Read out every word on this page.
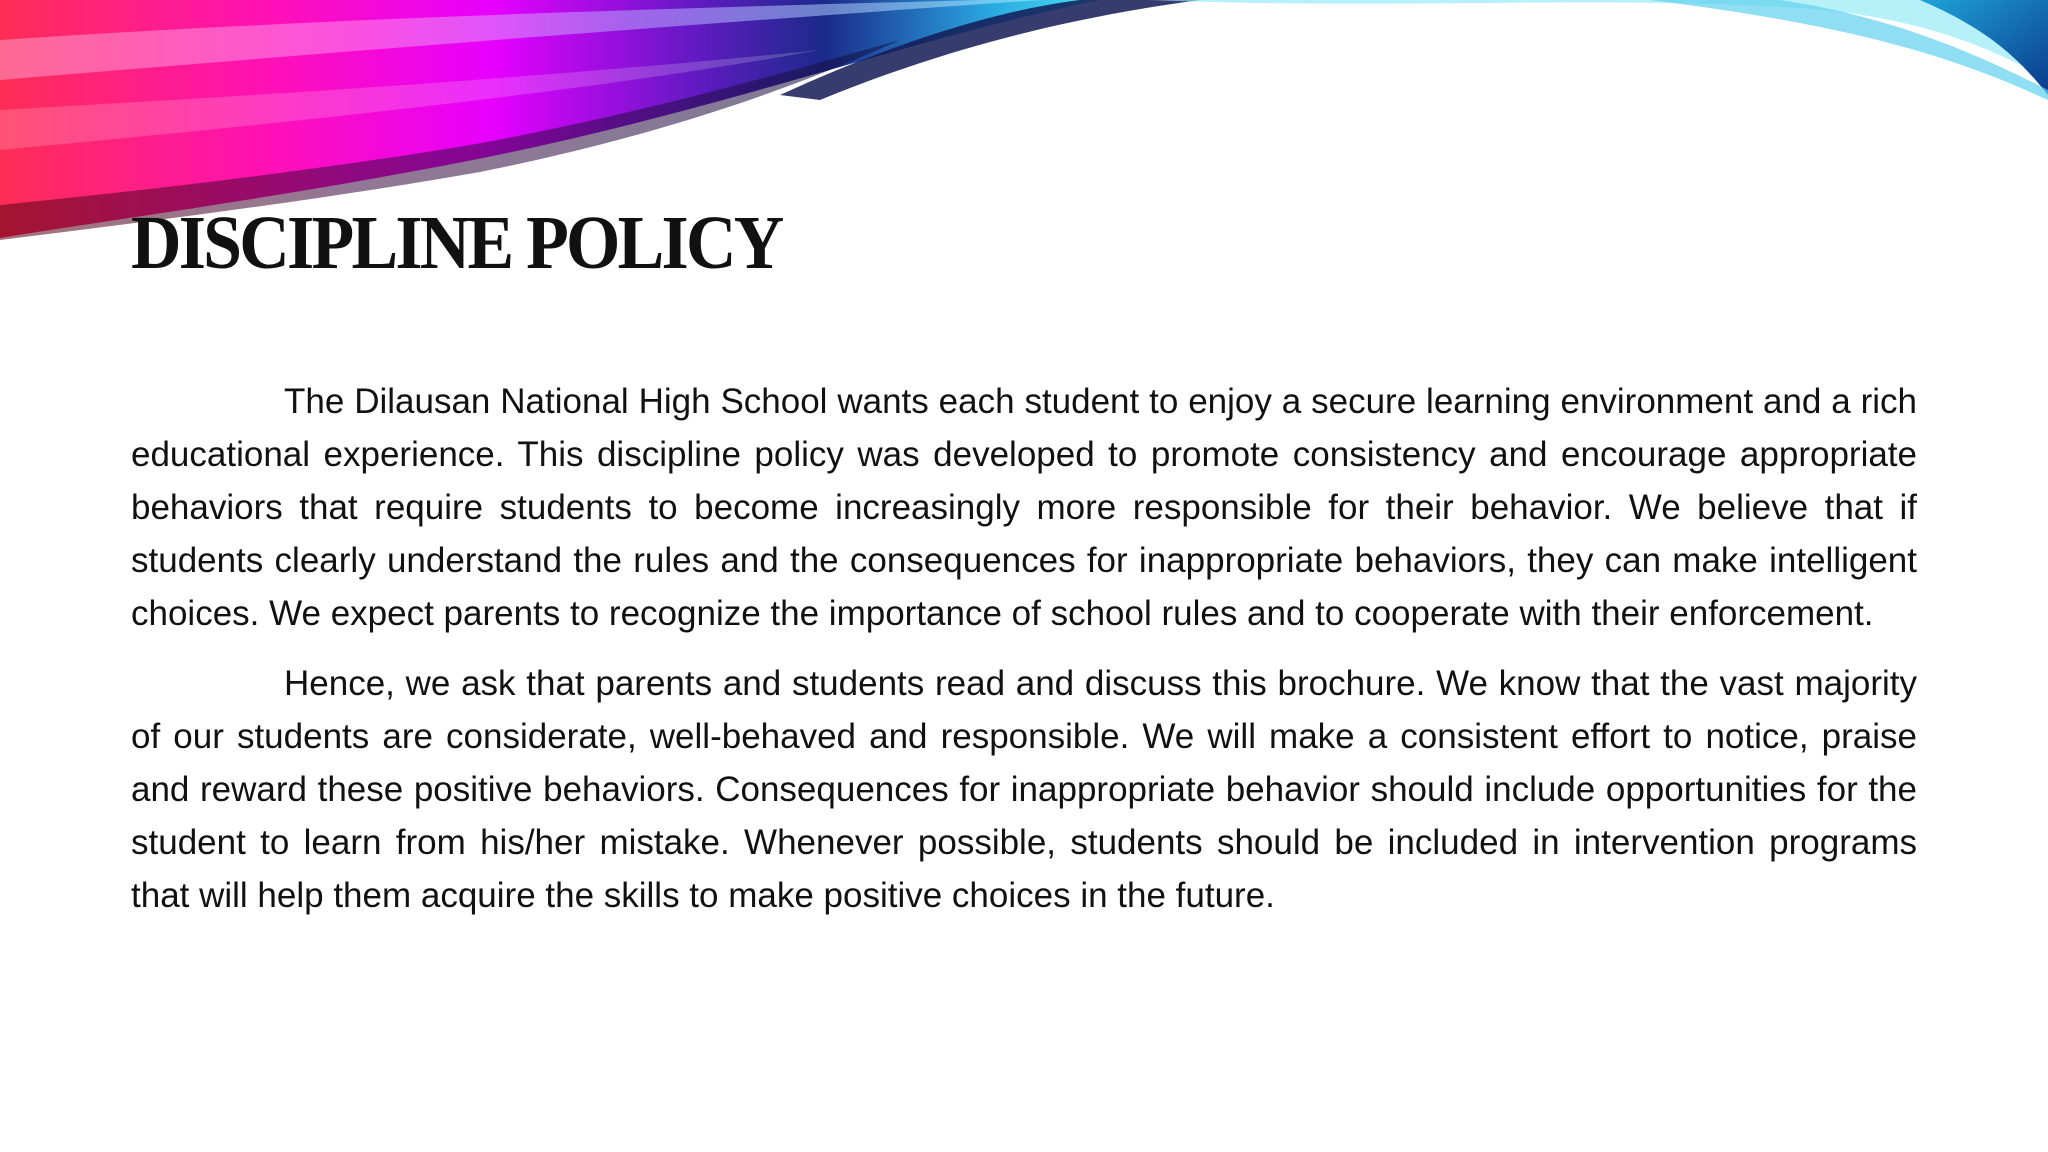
DISCIPLINE POLICY

The Dilausan National High School wants each student to enjoy a secure learning environment and a rich educational experience. This discipline policy was developed to promote consistency and encourage appropriate behaviors that require students to become increasingly more responsible for their behavior. We believe that if students clearly understand the rules and the consequences for inappropriate behaviors, they can make intelligent choices. We expect parents to recognize the importance of school rules and to cooperate with their enforcement.

Hence, we ask that parents and students read and discuss this brochure. We know that the vast majority of our students are considerate, well-behaved and responsible. We will make a consistent effort to notice, praise and reward these positive behaviors. Consequences for inappropriate behavior should include opportunities for the student to learn from his/her mistake. Whenever possible, students should be included in intervention programs that will help them acquire the skills to make positive choices in the future.
